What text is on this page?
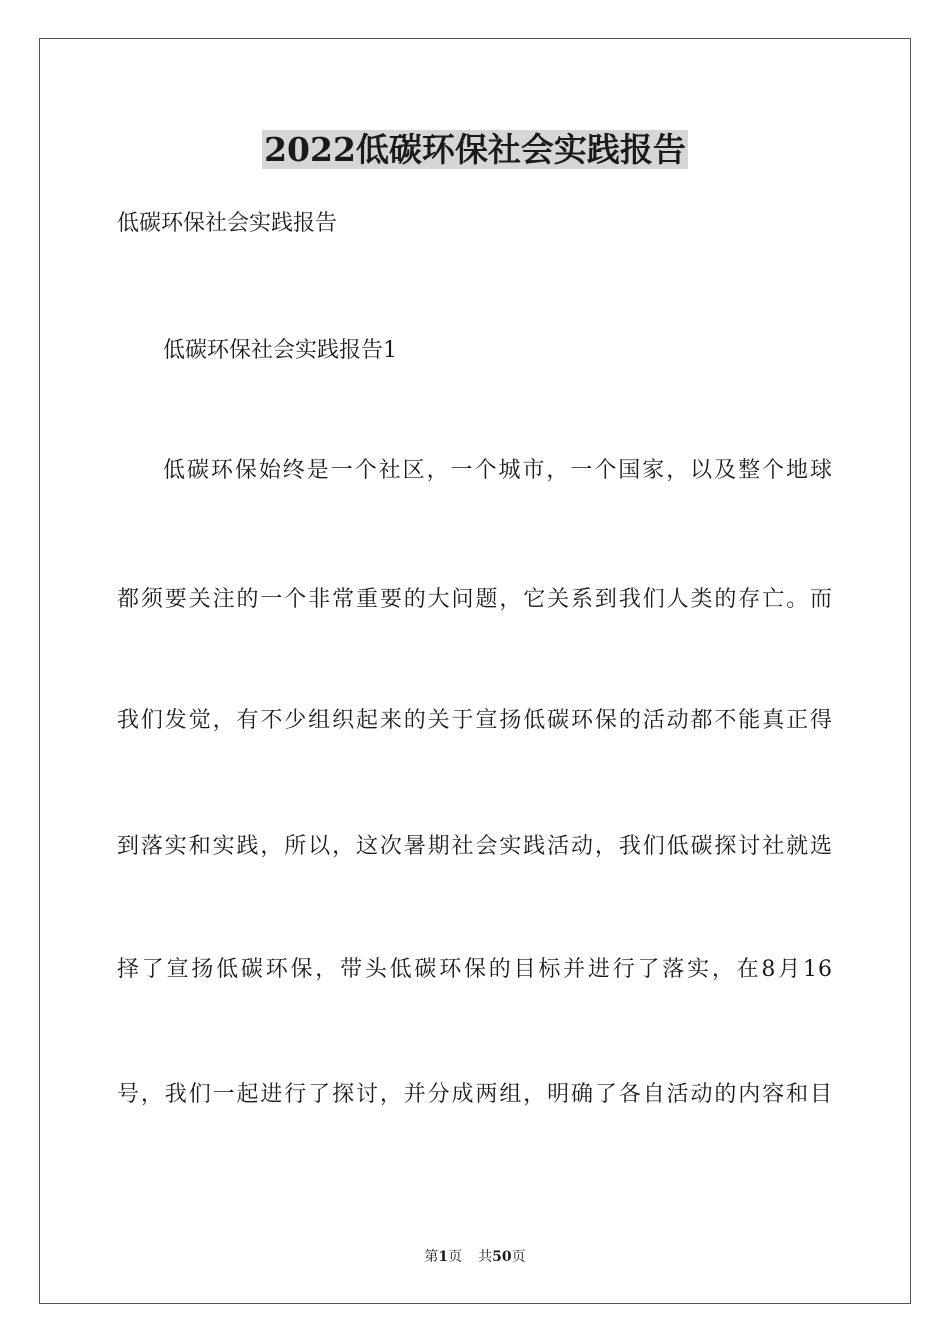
2022低碳环保社会实践报告
低碳环保社会实践报告
低碳环保社会实践报告1
低碳环保始终是一个社区，一个城市，一个国家，以及整个地球
都须要关注的一个非常重要的大问题，它关系到我们人类的存亡。而
我们发觉，有不少组织起来的关于宣扬低碳环保的活动都不能真正得
到落实和实践，所以，这次暑期社会实践活动，我们低碳探讨社就选
择了宣扬低碳环保，带头低碳环保的目标并进行了落实，在8月16
号，我们一起进行了探讨，并分成两组，明确了各自活动的内容和目
第1页 共50页
